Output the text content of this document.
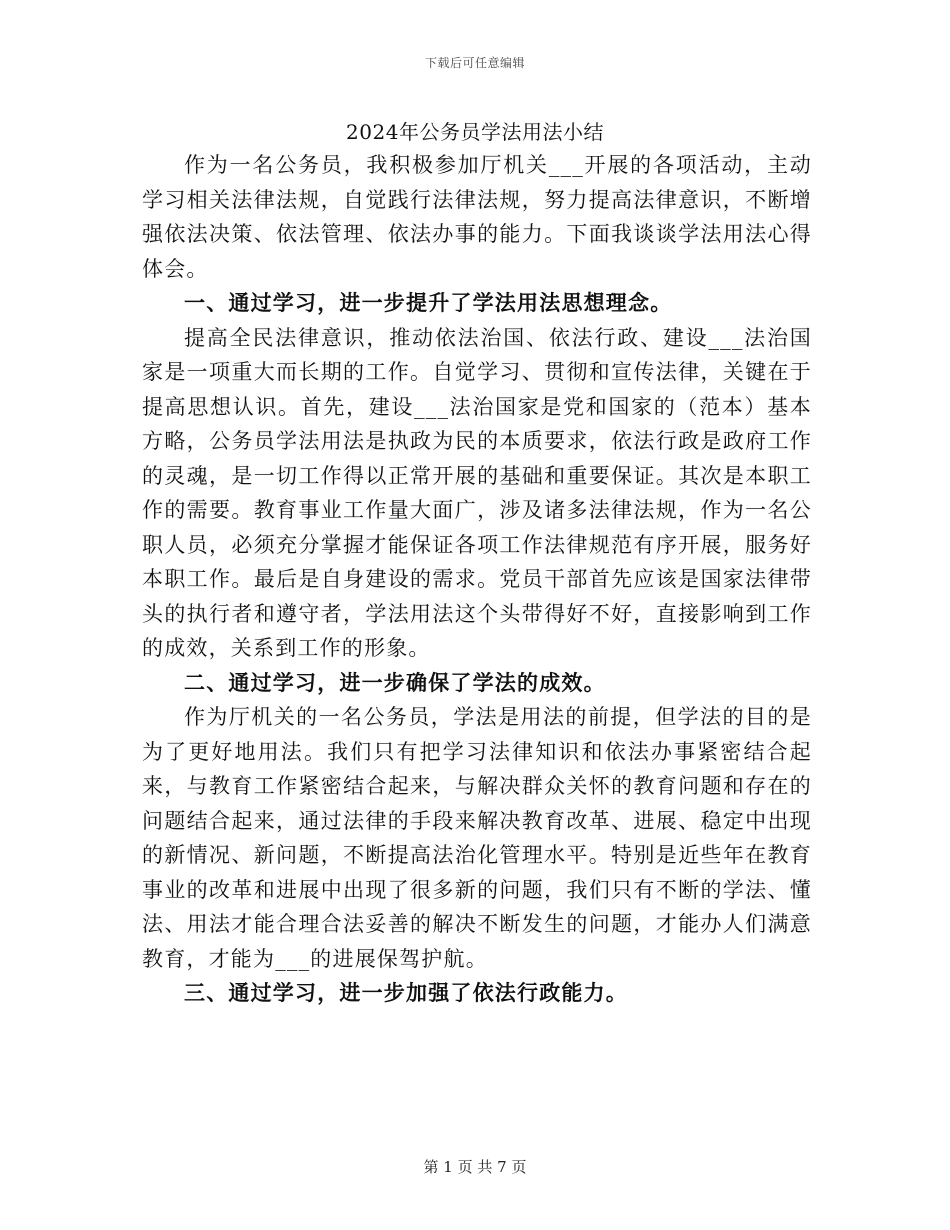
下载后可任意编辑
2024年公务员学法用法小结

作为一名公务员，我积极参加厅机关___开展的各项活动，主动学习相关法律法规，自觉践行法律法规，努力提高法律意识，不断增强依法决策、依法管理、依法办事的能力。下面我谈谈学法用法心得体会。

一、通过学习，进一步提升了学法用法思想理念。

提高全民法律意识，推动依法治国、依法行政、建设___法治国家是一项重大而长期的工作。自觉学习、贯彻和宣传法律，关键在于提高思想认识。首先，建设___法治国家是党和国家的（范本）基本方略，公务员学法用法是执政为民的本质要求，依法行政是政府工作的灵魂，是一切工作得以正常开展的基础和重要保证。其次是本职工作的需要。教育事业工作量大面广，涉及诸多法律法规，作为一名公职人员，必须充分掌握才能保证各项工作法律规范有序开展，服务好本职工作。最后是自身建设的需求。党员干部首先应该是国家法律带头的执行者和遵守者，学法用法这个头带得好不好，直接影响到工作的成效，关系到工作的形象。

二、通过学习，进一步确保了学法的成效。

作为厅机关的一名公务员，学法是用法的前提，但学法的目的是为了更好地用法。我们只有把学习法律知识和依法办事紧密结合起来，与教育工作紧密结合起来，与解决群众关怀的教育问题和存在的问题结合起来，通过法律的手段来解决教育改革、进展、稳定中出现的新情况、新问题，不断提高法治化管理水平。特别是近些年在教育事业的改革和进展中出现了很多新的问题，我们只有不断的学法、懂法、用法才能合理合法妥善的解决不断发生的问题，才能办人们满意教育，才能为___的进展保驾护航。

三、通过学习，进一步加强了依法行政能力。

第 1 页 共 7 页
